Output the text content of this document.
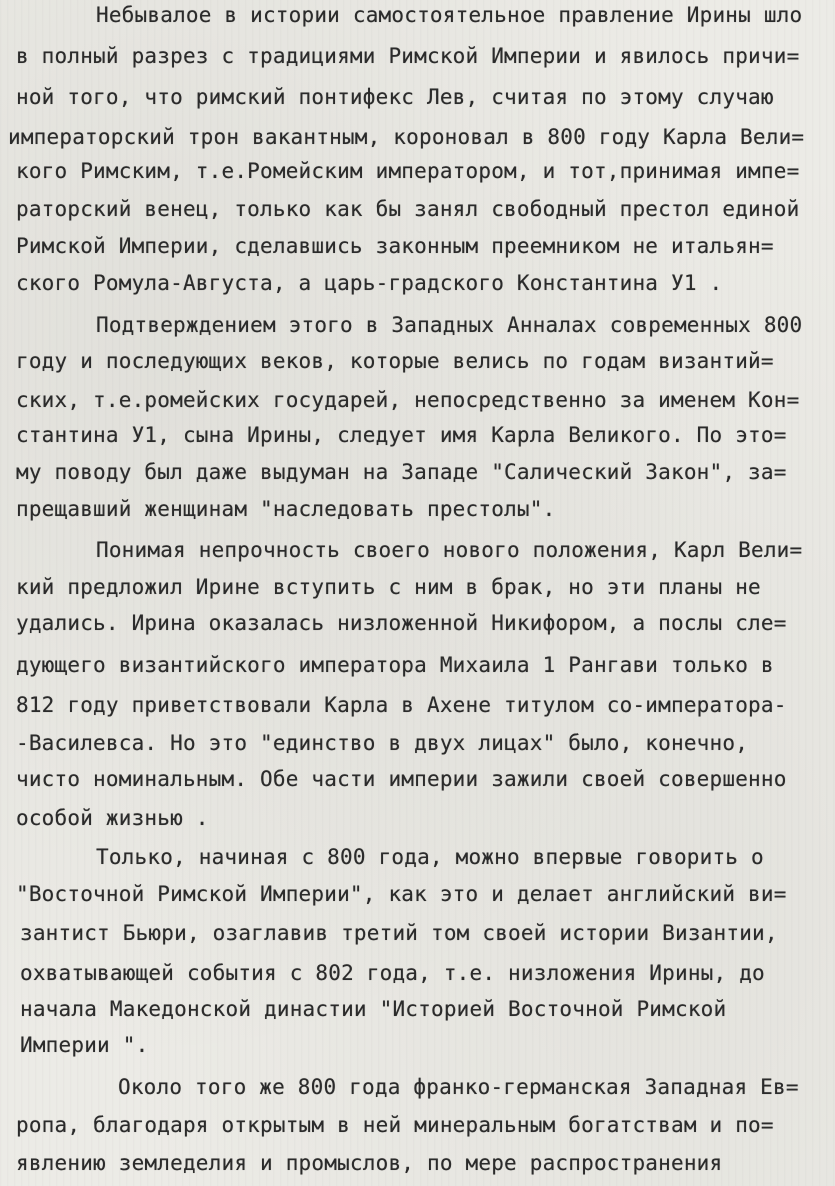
Небывалое в истории самостоятельное правление Ирины шло
в полный разрез с традициями Римской Империи и явилось причи=
ной того, что римский понтифекс Лев, считая по этому случаю
императорский трон вакантным, короновал в 800 году Карла Вели=
кого Римским, т.е.Ромейским императором, и тот,принимая импе=
раторский венец, только как бы занял свободный престол единой
Римской Империи, сделавшись законным преемником не итальян=
ского Ромула-Августа, а царь-градского Константина У1 .
Подтверждением этого в Западных Анналах современных 800
году и последующих веков, которые велись по годам византий=
ских, т.е.ромейских государей, непосредственно за именем Кон=
стантина У1, сына Ирины, следует имя Карла Великого. По это=
му поводу был даже выдуман на Западе "Салический Закон", за=
прещавший женщинам "наследовать престолы".
Понимая непрочность своего нового положения, Карл Вели=
кий предложил Ирине вступить с ним в брак, но эти планы не
удались. Ирина оказалась низложенной Никифором, а послы сле=
дующего византийского императора Михаила 1 Рангави только в
812 году приветствовали Карла в Ахене титулом со-императора-
-Василевса. Но это "единство в двух лицах" было, конечно,
чисто номинальным. Обе части империи зажили своей совершенно
особой жизнью .
Только, начиная с 800 года, можно впервые говорить о
"Восточной Римской Империи", как это и делает английский ви=
зантист Бьюри, озаглавив третий том своей истории Византии,
охватывающей события с 802 года, т.е. низложения Ирины, до
начала Македонской династии "Историей Восточной Римской
Империи ".
Около того же 800 года франко-германская Западная Ев=
ропа, благодаря открытым в ней минеральным богатствам и по=
явлению земледелия и промыслов, по мере распространения
